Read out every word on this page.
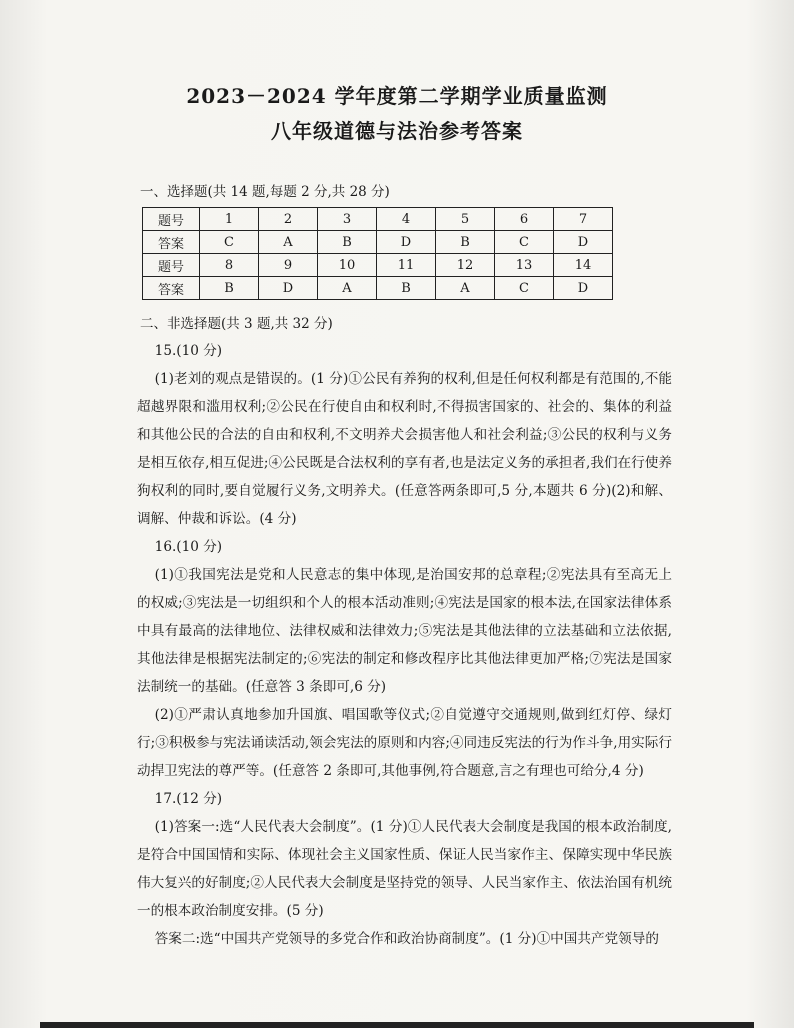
2023－2024 学年度第二学期学业质量监测
八年级道德与法治参考答案
一、选择题(共 14 题,每题 2 分,共 28 分)
题号	1	2	3	4	5	6	7
答案	C	A	B	D	B	C	D
题号	8	9	10	11	12	13	14
答案	B	D	A	B	A	C	D
二、非选择题(共 3 题,共 32 分)

15.(10 分)

(1)老刘的观点是错误的。(1 分)①公民有养狗的权利,但是任何权利都是有范围的,不能超越界限和滥用权利;②公民在行使自由和权利时,不得损害国家的、社会的、集体的利益和其他公民的合法的自由和权利,不文明养犬会损害他人和社会利益;③公民的权利与义务是相互依存,相互促进;④公民既是合法权利的享有者,也是法定义务的承担者,我们在行使养狗权利的同时,要自觉履行义务,文明养犬。(任意答两条即可,5 分,本题共 6 分)(2)和解、调解、仲裁和诉讼。(4 分)

16.(10 分)

(1)①我国宪法是党和人民意志的集中体现,是治国安邦的总章程;②宪法具有至高无上的权威;③宪法是一切组织和个人的根本活动准则;④宪法是国家的根本法,在国家法律体系中具有最高的法律地位、法律权威和法律效力;⑤宪法是其他法律的立法基础和立法依据,其他法律是根据宪法制定的;⑥宪法的制定和修改程序比其他法律更加严格;⑦宪法是国家法制统一的基础。(任意答 3 条即可,6 分)

(2)①严肃认真地参加升国旗、唱国歌等仪式;②自觉遵守交通规则,做到红灯停、绿灯行;③积极参与宪法诵读活动,领会宪法的原则和内容;④同违反宪法的行为作斗争,用实际行动捍卫宪法的尊严等。(任意答 2 条即可,其他事例,符合题意,言之有理也可给分,4 分)

17.(12 分)

(1)答案一:选“人民代表大会制度”。(1 分)①人民代表大会制度是我国的根本政治制度,是符合中国国情和实际、体现社会主义国家性质、保证人民当家作主、保障实现中华民族伟大复兴的好制度;②人民代表大会制度是坚持党的领导、人民当家作主、依法治国有机统一的根本政治制度安排。(5 分)

答案二:选“中国共产党领导的多党合作和政治协商制度”。(1 分)①中国共产党领导的
